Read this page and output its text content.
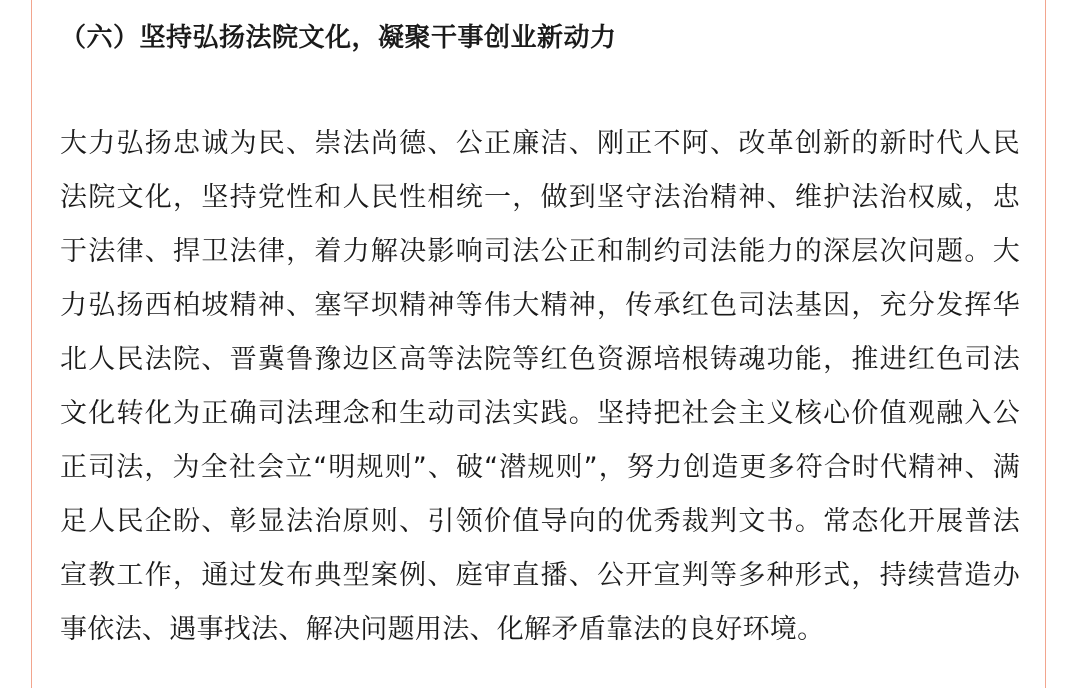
（六）坚持弘扬法院文化，凝聚干事创业新动力

大力弘扬忠诚为民、崇法尚德、公正廉洁、刚正不阿、改革创新的新时代人民
法院文化，坚持党性和人民性相统一，做到坚守法治精神、维护法治权威，忠
于法律、捍卫法律，着力解决影响司法公正和制约司法能力的深层次问题。大
力弘扬西柏坡精神、塞罕坝精神等伟大精神，传承红色司法基因，充分发挥华
北人民法院、晋冀鲁豫边区高等法院等红色资源培根铸魂功能，推进红色司法
文化转化为正确司法理念和生动司法实践。坚持把社会主义核心价值观融入公
正司法，为全社会立“明规则”、破“潜规则”，努力创造更多符合时代精神、满
足人民企盼、彰显法治原则、引领价值导向的优秀裁判文书。常态化开展普法
宣教工作，通过发布典型案例、庭审直播、公开宣判等多种形式，持续营造办
事依法、遇事找法、解决问题用法、化解矛盾靠法的良好环境。
